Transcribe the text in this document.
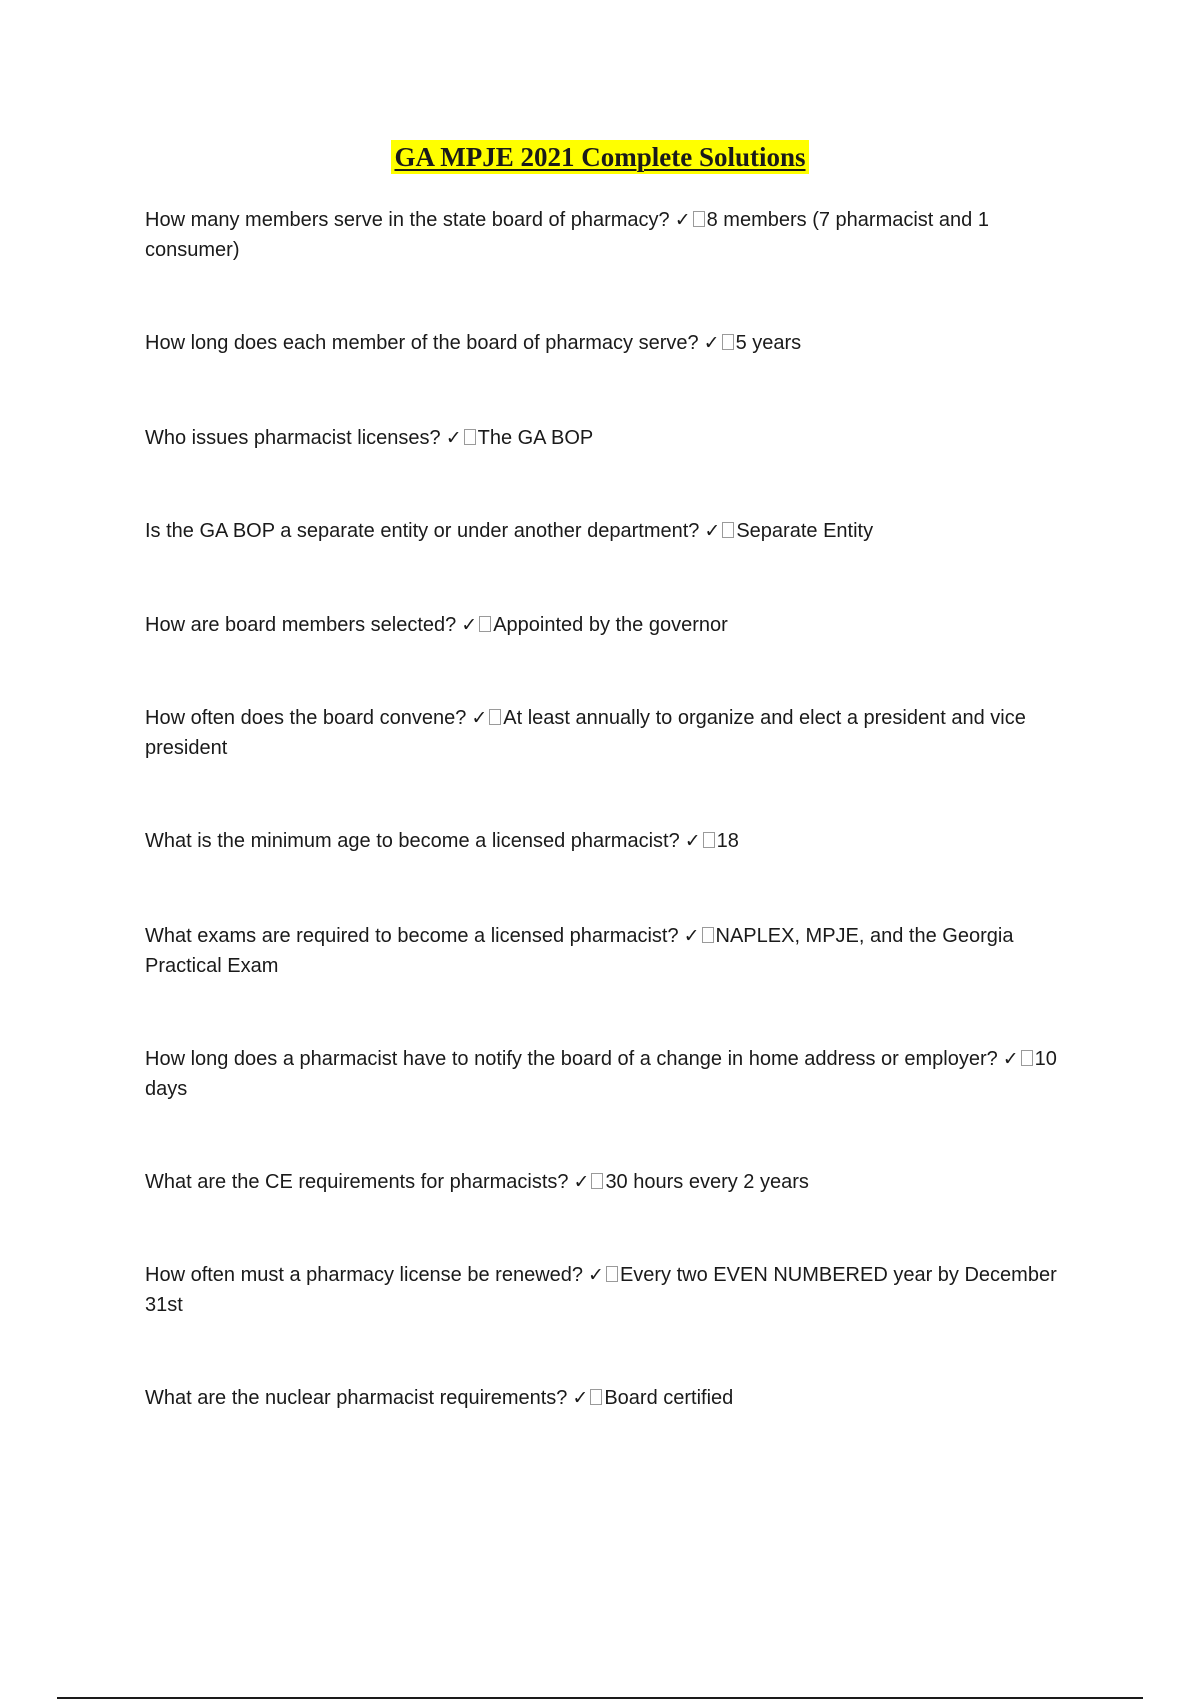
GA MPJE 2021 Complete Solutions
How many members serve in the state board of pharmacy? ✓ 8 members (7 pharmacist and 1 consumer)
How long does each member of the board of pharmacy serve? ✓ 5 years
Who issues pharmacist licenses? ✓ The GA BOP
Is the GA BOP a separate entity or under another department? ✓ Separate Entity
How are board members selected? ✓ Appointed by the governor
How often does the board convene? ✓ At least annually to organize and elect a president and vice president
What is the minimum age to become a licensed pharmacist? ✓ 18
What exams are required to become a licensed pharmacist? ✓ NAPLEX, MPJE, and the Georgia Practical Exam
How long does a pharmacist have to notify the board of a change in home address or employer? ✓ 10 days
What are the CE requirements for pharmacists? ✓ 30 hours every 2 years
How often must a pharmacy license be renewed? ✓ Every two EVEN NUMBERED year by December 31st
What are the nuclear pharmacist requirements? ✓ Board certified
